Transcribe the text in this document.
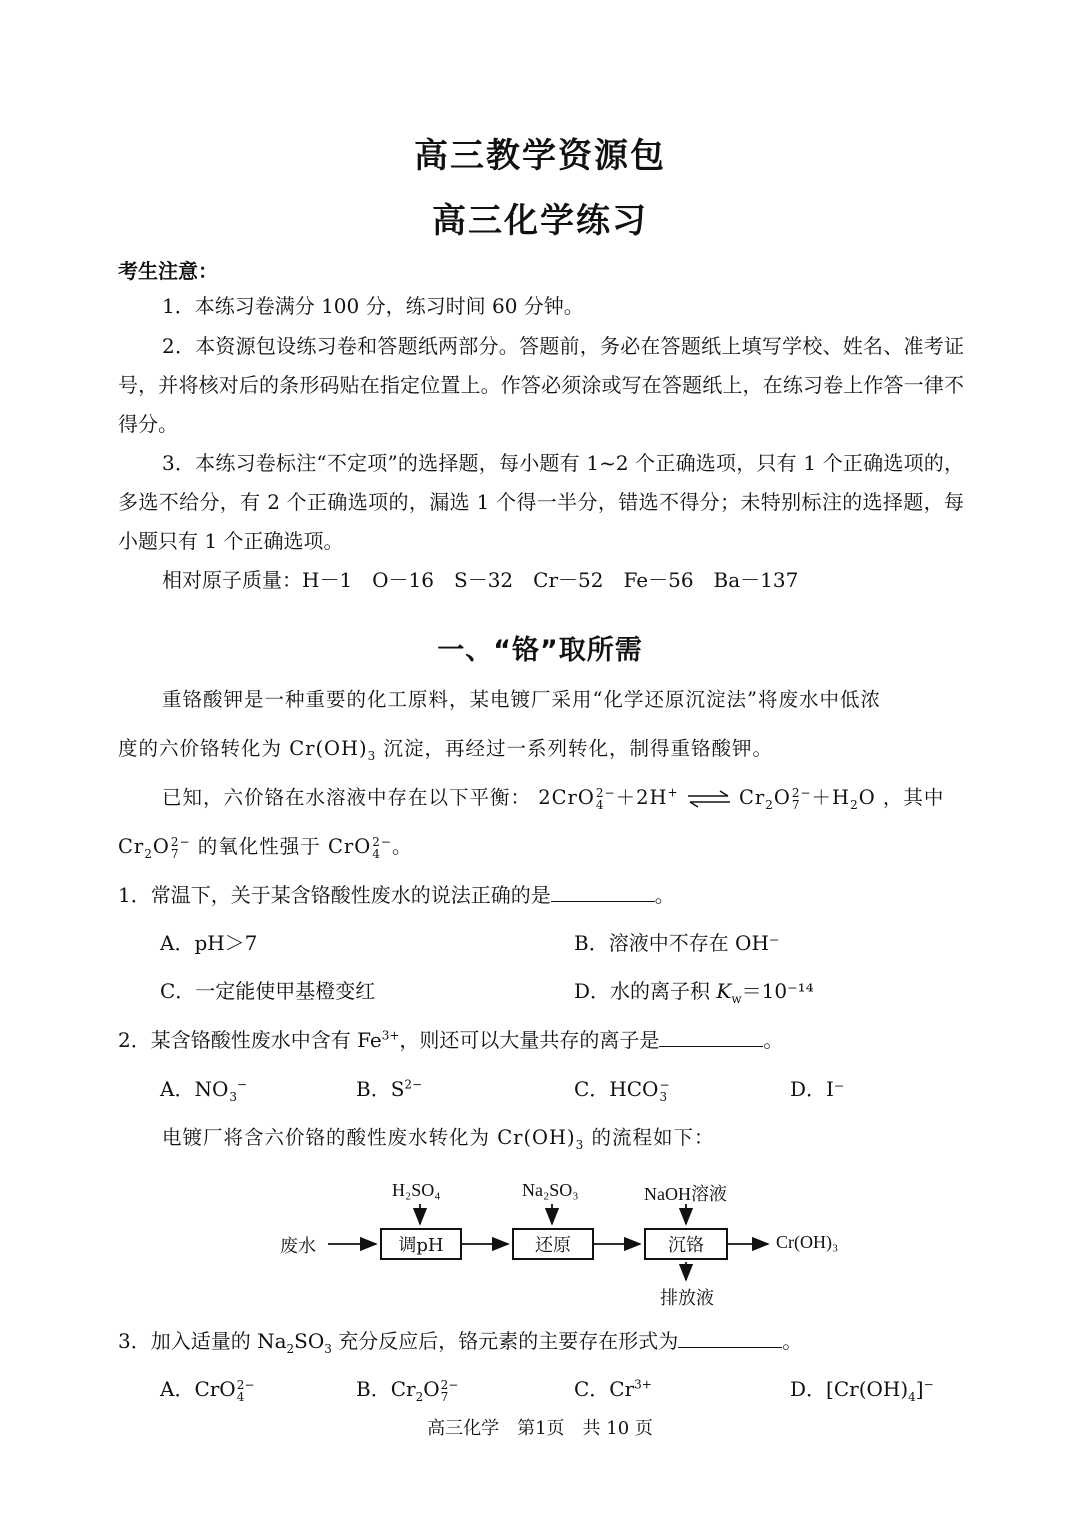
高三教学资源包
高三化学练习
考生注意：
1．本练习卷满分 100 分，练习时间 60 分钟。
2．本资源包设练习卷和答题纸两部分。答题前，务必在答题纸上填写学校、姓名、准考证号，并将核对后的条形码贴在指定位置上。作答必须涂或写在答题纸上，在练习卷上作答一律不得分。
3．本练习卷标注“不定项”的选择题，每小题有 1~2 个正确选项，只有 1 个正确选项的，多选不给分，有 2 个正确选项的，漏选 1 个得一半分，错选不得分；未特别标注的选择题，每小题只有 1 个正确选项。
相对原子质量：H－1　O－16　S－32　Cr－52　Fe－56　Ba－137
一、“铬”取所需
重铬酸钾是一种重要的化工原料，某电镀厂采用“化学还原沉淀法”将废水中低浓
度的六价铬转化为 $Cr(OH)_3$ 沉淀，再经过一系列转化，制得重铬酸钾。
已知，六价铬在水溶液中存在以下平衡： 2CrO 2−
4 ＋2H+ ⇌ $Cr_2O$ 2−
$7 +H_2O$ ，其中
$Cr_2O$ 2−
7 的氧化性强于 CrO 2−
4 。
1．常温下，关于某含铬酸性废水的说法正确的是	。
A．pH＞7	B．溶液中不存在 OH⁻
C．一定能使甲基橙变红	D．水的离子积 $K_w=10^{-14}$
2．某含铬酸性废水中含有 $Fe^{3+}$，则还可以大量共存的离子是	。
A．NO
3
−	B．$S^{2-}$	C．HCO −
3	D．I⁻
电镀厂将含六价铬的酸性废水转化为 $Cr(OH)_3$ 的流程如下：
废水	调pH	还原	沉铬
H₂SO₄	Na₂SO₃	NaOH溶液
Cr(OH)₃
排放液
3．加入适量的 $Na_2SO_3$ 充分反应后，铬元素的主要存在形式为	。
A．CrO 2−
4	B．$Cr_2O$ 2−
7	C．$Cr^{3+}$	D．$[Cr(OH)_4]^-$
高三化学　第1页　共 10 页
